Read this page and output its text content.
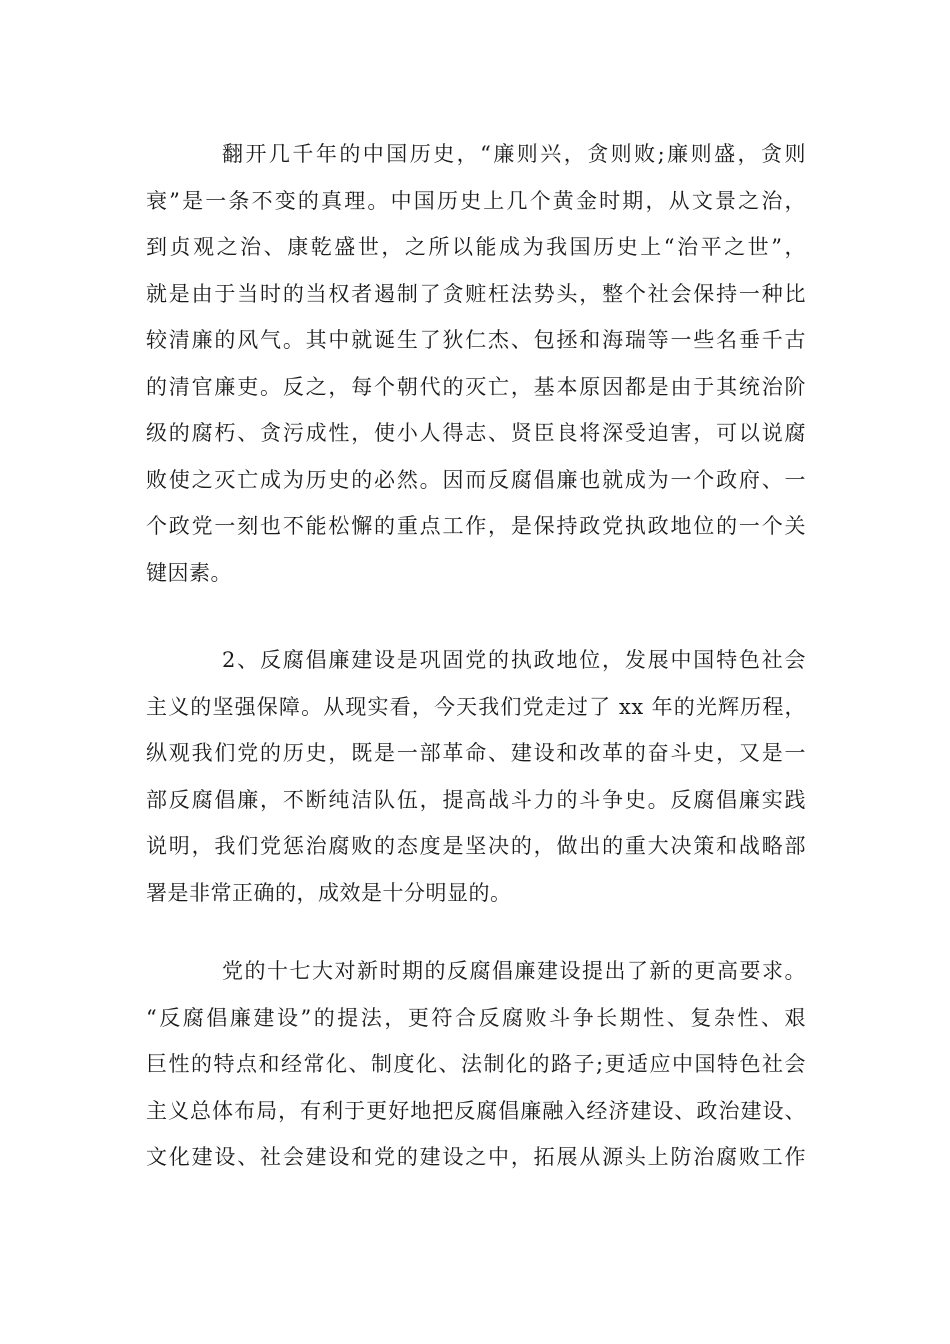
翻开几千年的中国历史，“廉则兴，贪则败;廉则盛，贪则
衰”是一条不变的真理。中国历史上几个黄金时期，从文景之治，
到贞观之治、康乾盛世，之所以能成为我国历史上“治平之世”，
就是由于当时的当权者遏制了贪赃枉法势头，整个社会保持一种比
较清廉的风气。其中就诞生了狄仁杰、包拯和海瑞等一些名垂千古
的清官廉吏。反之，每个朝代的灭亡，基本原因都是由于其统治阶
级的腐朽、贪污成性，使小人得志、贤臣良将深受迫害，可以说腐
败使之灭亡成为历史的必然。因而反腐倡廉也就成为一个政府、一
个政党一刻也不能松懈的重点工作，是保持政党执政地位的一个关
键因素。
2、反腐倡廉建设是巩固党的执政地位，发展中国特色社会
主义的坚强保障。从现实看，今天我们党走过了 xx 年的光辉历程，
纵观我们党的历史，既是一部革命、建设和改革的奋斗史，又是一
部反腐倡廉，不断纯洁队伍，提高战斗力的斗争史。反腐倡廉实践
说明，我们党惩治腐败的态度是坚决的，做出的重大决策和战略部
署是非常正确的，成效是十分明显的。
党的十七大对新时期的反腐倡廉建设提出了新的更高要求。
“反腐倡廉建设”的提法，更符合反腐败斗争长期性、复杂性、艰
巨性的特点和经常化、制度化、法制化的路子;更适应中国特色社会
主义总体布局，有利于更好地把反腐倡廉融入经济建设、政治建设、
文化建设、社会建设和党的建设之中，拓展从源头上防治腐败工作
